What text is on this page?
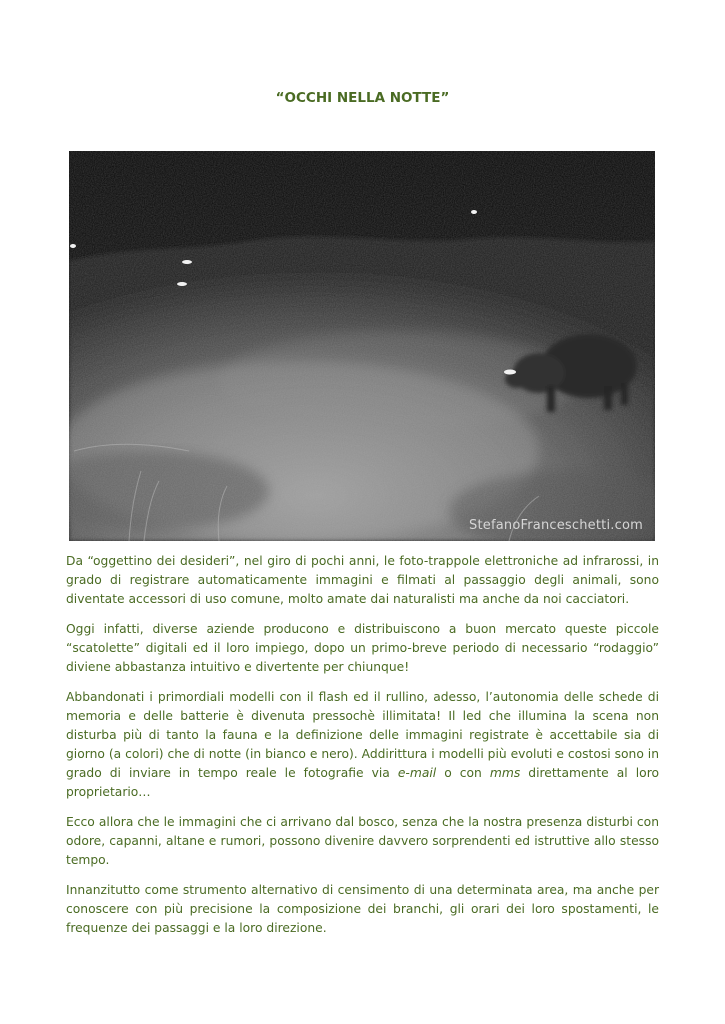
“OCCHI NELLA NOTTE”
StefanoFranceschetti.com

Da “oggettino dei desideri”, nel giro di pochi anni, le foto-trappole elettroniche ad infrarossi, in grado di registrare automaticamente immagini e filmati al passaggio degli animali, sono diventate accessori di uso comune, molto amate dai naturalisti ma anche da noi cacciatori.

Oggi infatti, diverse aziende producono e distribuiscono a buon mercato queste piccole “scatolette” digitali ed il loro impiego, dopo un primo-breve periodo di necessario “rodaggio” diviene abbastanza intuitivo e divertente per chiunque!

Abbandonati i primordiali modelli con il flash ed il rullino, adesso, l’autonomia delle schede di memoria e delle batterie è divenuta pressochè illimitata! Il led che illumina la scena non disturba più di tanto la fauna e la definizione delle immagini registrate è accettabile sia di giorno (a colori) che di notte (in bianco e nero). Addirittura i modelli più evoluti e costosi sono in grado di inviare in tempo reale le fotografie via e-mail o con mms direttamente al loro proprietario…

Ecco allora che le immagini che ci arrivano dal bosco, senza che la nostra presenza disturbi con odore, capanni, altane e rumori, possono divenire davvero sorprendenti ed istruttive allo stesso tempo.

Innanzitutto come strumento alternativo di censimento di una determinata area, ma anche per conoscere con più precisione la composizione dei branchi, gli orari dei loro spostamenti, le frequenze dei passaggi e la loro direzione.
